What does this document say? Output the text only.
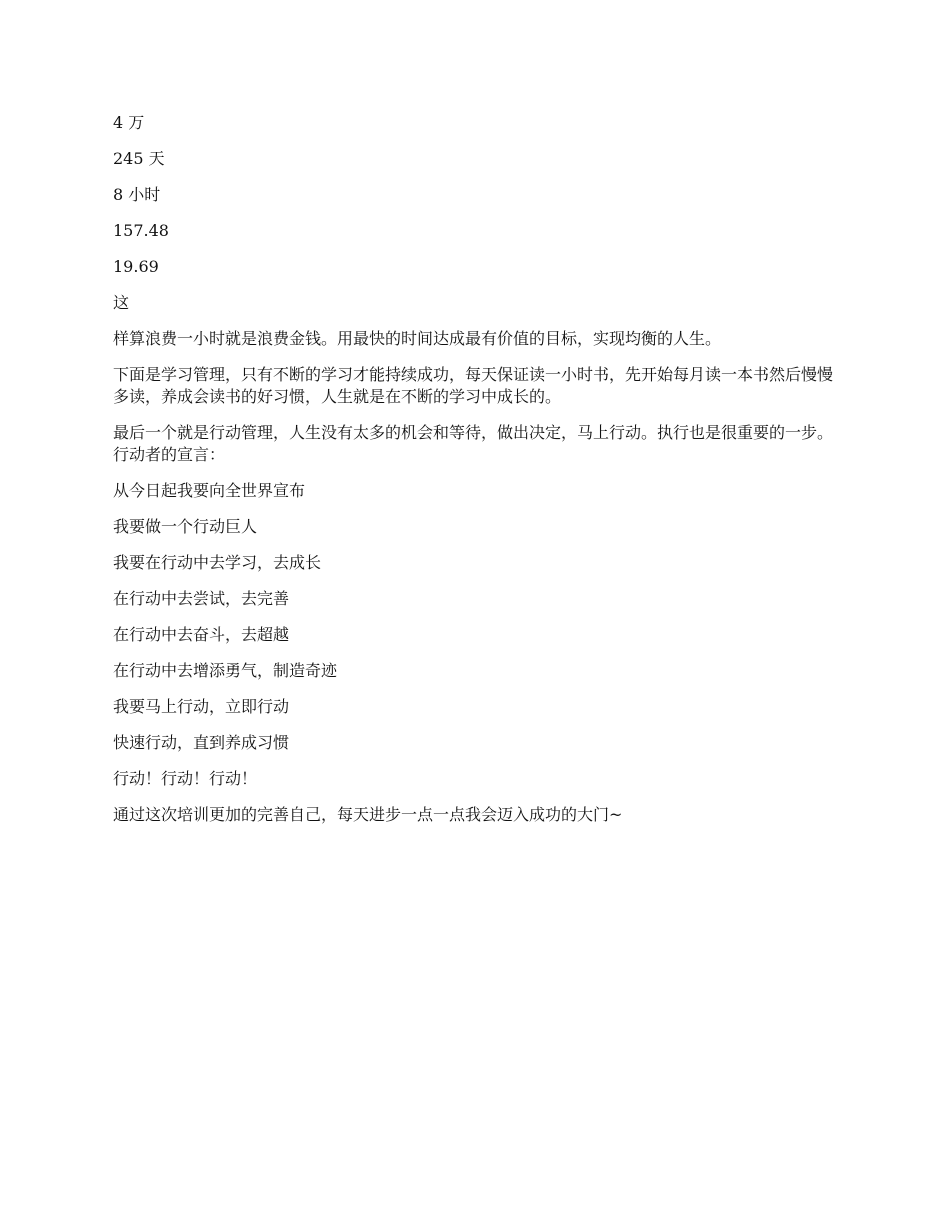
4 万

245 天

8 小时

157.48

19.69

这

样算浪费一小时就是浪费金钱。用最快的时间达成最有价值的目标，实现均衡的人生。

下面是学习管理，只有不断的学习才能持续成功，每天保证读一小时书，先开始每月读一本书然后慢慢多读，养成会读书的好习惯，人生就是在不断的学习中成长的。

最后一个就是行动管理，人生没有太多的机会和等待，做出决定，马上行动。执行也是很重要的一步。行动者的宣言：

从今日起我要向全世界宣布

我要做一个行动巨人

我要在行动中去学习，去成长

在行动中去尝试，去完善

在行动中去奋斗，去超越

在行动中去增添勇气，制造奇迹

我要马上行动，立即行动

快速行动，直到养成习惯

行动！行动！行动！

通过这次培训更加的完善自己，每天进步一点一点我会迈入成功的大门~
